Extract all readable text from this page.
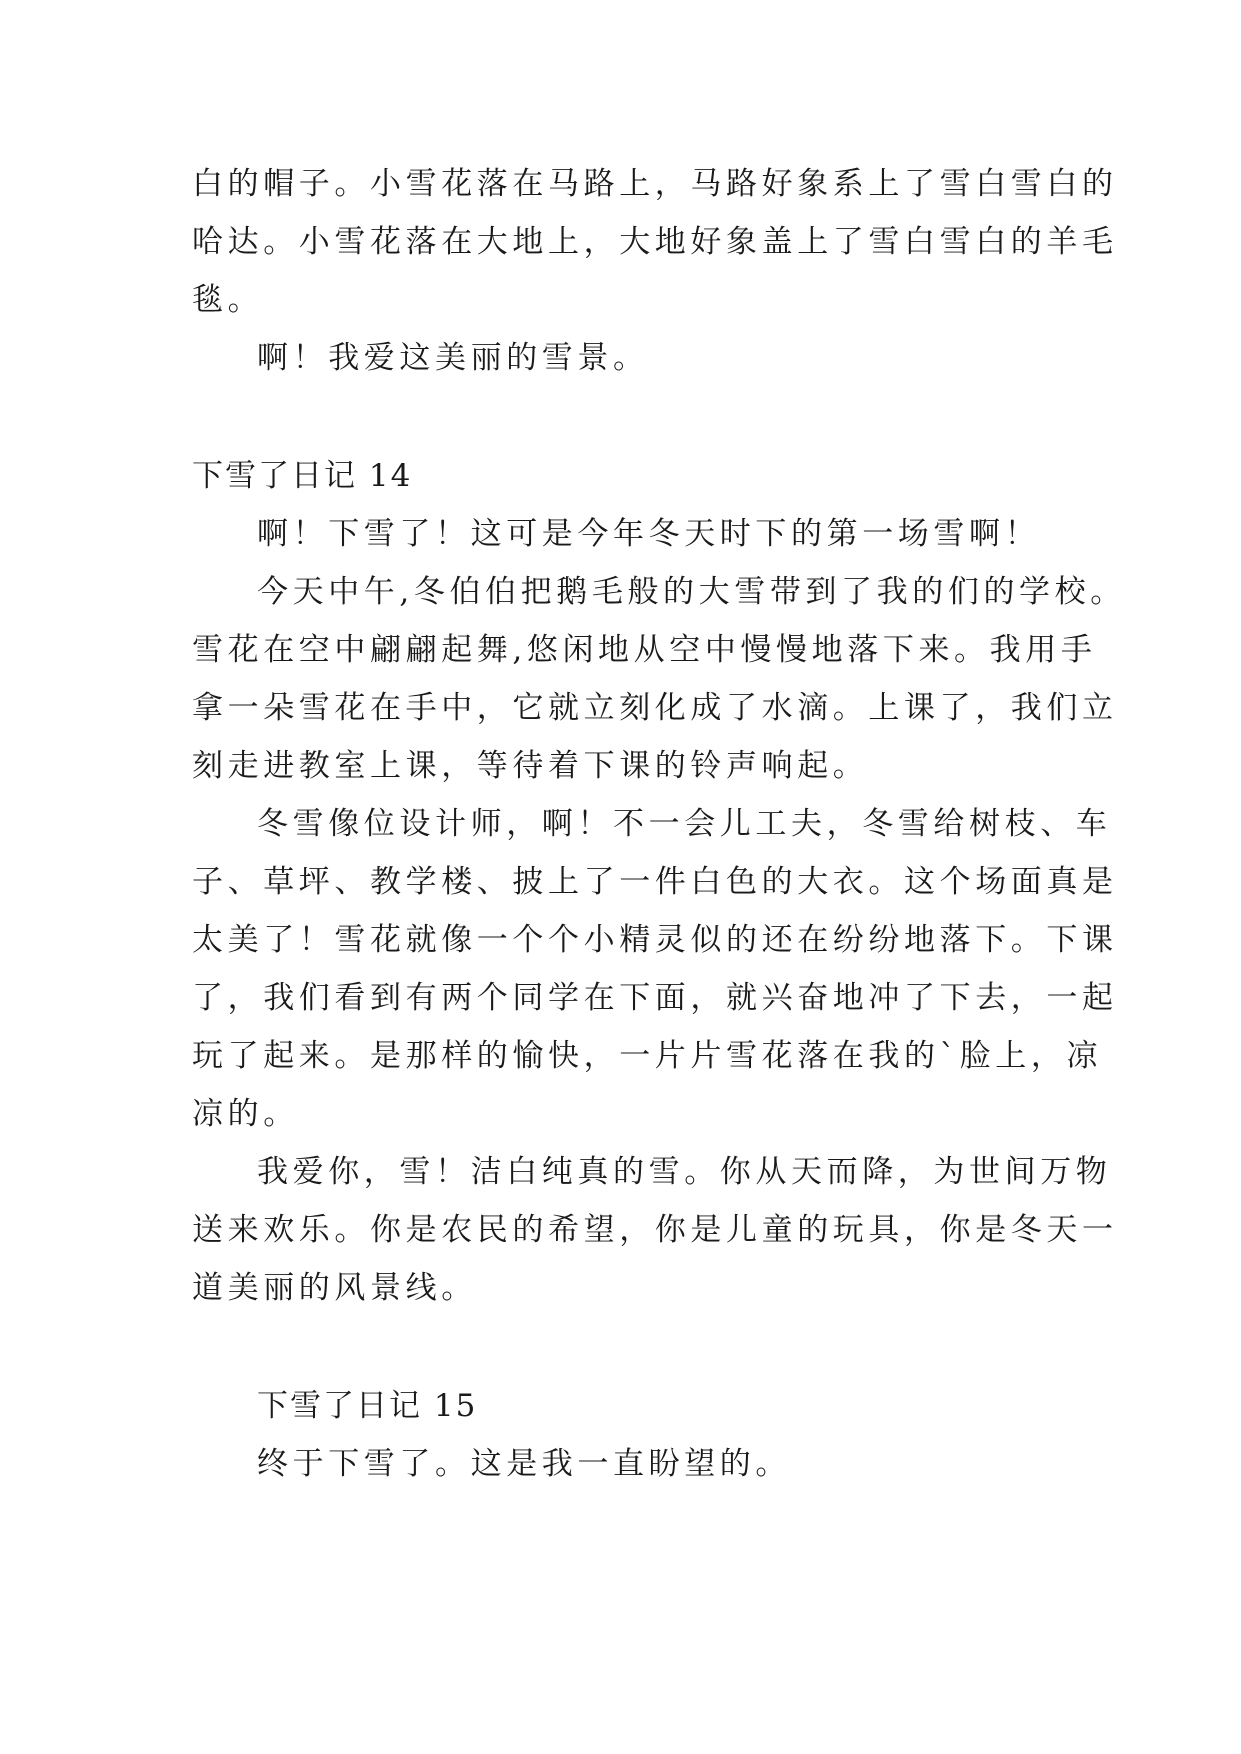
白的帽子。小雪花落在马路上，马路好象系上了雪白雪白的
哈达。小雪花落在大地上，大地好象盖上了雪白雪白的羊毛
毯。
啊！我爱这美丽的雪景。
下雪了日记 14
啊！下雪了！这可是今年冬天时下的第一场雪啊！
今天中午,冬伯伯把鹅毛般的大雪带到了我的们的学校。
雪花在空中翩翩起舞,悠闲地从空中慢慢地落下来。我用手
拿一朵雪花在手中，它就立刻化成了水滴。上课了，我们立
刻走进教室上课，等待着下课的铃声响起。
冬雪像位设计师，啊！不一会儿工夫，冬雪给树枝、车
子、草坪、教学楼、披上了一件白色的大衣。这个场面真是
太美了！雪花就像一个个小精灵似的还在纷纷地落下。下课
了，我们看到有两个同学在下面，就兴奋地冲了下去，一起
玩了起来。是那样的愉快，一片片雪花落在我的`脸上，凉
凉的。
我爱你，雪！洁白纯真的雪。你从天而降，为世间万物
送来欢乐。你是农民的希望，你是儿童的玩具，你是冬天一
道美丽的风景线。
下雪了日记 15
终于下雪了。这是我一直盼望的。
